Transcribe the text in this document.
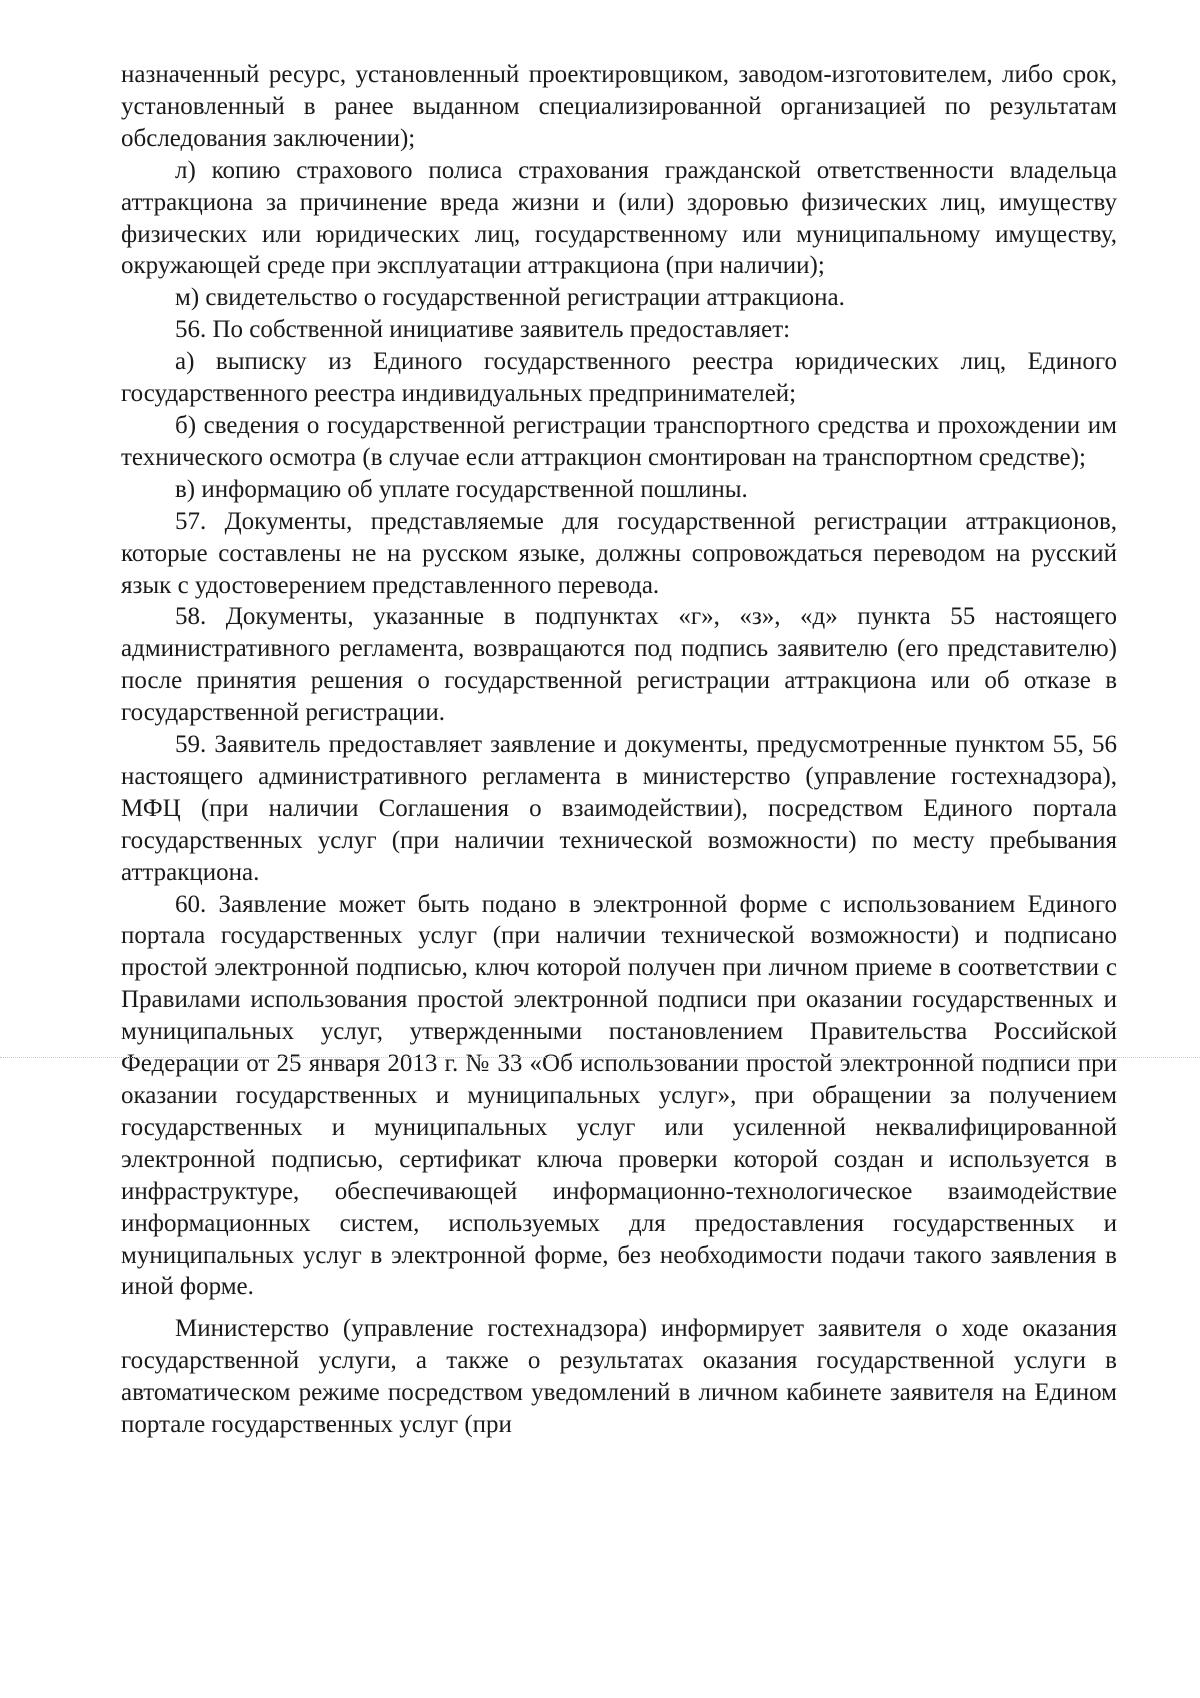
назначенный ресурс, установленный проектировщиком, заводом-изготовителем, либо срок, установленный в ранее выданном специализированной организацией по результатам обследования заключении);

л) копию страхового полиса страхования гражданской ответственности владельца аттракциона за причинение вреда жизни и (или) здоровью физических лиц, имуществу физических или юридических лиц, государственному или муниципальному имуществу, окружающей среде при эксплуатации аттракциона (при наличии);

м) свидетельство о государственной регистрации аттракциона.

56. По собственной инициативе заявитель предоставляет:

а) выписку из Единого государственного реестра юридических лиц, Единого государственного реестра индивидуальных предпринимателей;

б) сведения о государственной регистрации транспортного средства и прохождении им технического осмотра (в случае если аттракцион смонтирован на транспортном средстве);

в) информацию об уплате государственной пошлины.

57. Документы, представляемые для государственной регистрации аттракционов, которые составлены не на русском языке, должны сопровождаться переводом на русский язык с удостоверением представленного перевода.

58. Документы, указанные в подпунктах «г», «з», «д» пункта 55 настоящего административного регламента, возвращаются под подпись заявителю (его представителю) после принятия решения о государственной регистрации аттракциона или об отказе в государственной регистрации.

59. Заявитель предоставляет заявление и документы, предусмотренные пунктом 55, 56 настоящего административного регламента в министерство (управление гостехнадзора), МФЦ (при наличии Соглашения о взаимодействии), посредством Единого портала государственных услуг (при наличии технической возможности) по месту пребывания аттракциона.

60. Заявление может быть подано в электронной форме с использованием Единого портала государственных услуг (при наличии технической возможности) и подписано простой электронной подписью, ключ которой получен при личном приеме в соответствии с Правилами использования простой электронной подписи при оказании государственных и муниципальных услуг, утвержденными постановлением Правительства Российской Федерации от 25 января 2013 г. № 33 «Об использовании простой электронной подписи при оказании государственных и муниципальных услуг», при обращении за получением государственных и муниципальных услуг или усиленной неквалифицированной электронной подписью, сертификат ключа проверки которой создан и используется в инфраструктуре, обеспечивающей информационно-технологическое взаимодействие информационных систем, используемых для предоставления государственных и муниципальных услуг в электронной форме, без необходимости подачи такого заявления в иной форме.

Министерство (управление гостехнадзора) информирует заявителя о ходе оказания государственной услуги, а также о результатах оказания государственной услуги в автоматическом режиме посредством уведомлений в личном кабинете заявителя на Едином портале государственных услуг (при
